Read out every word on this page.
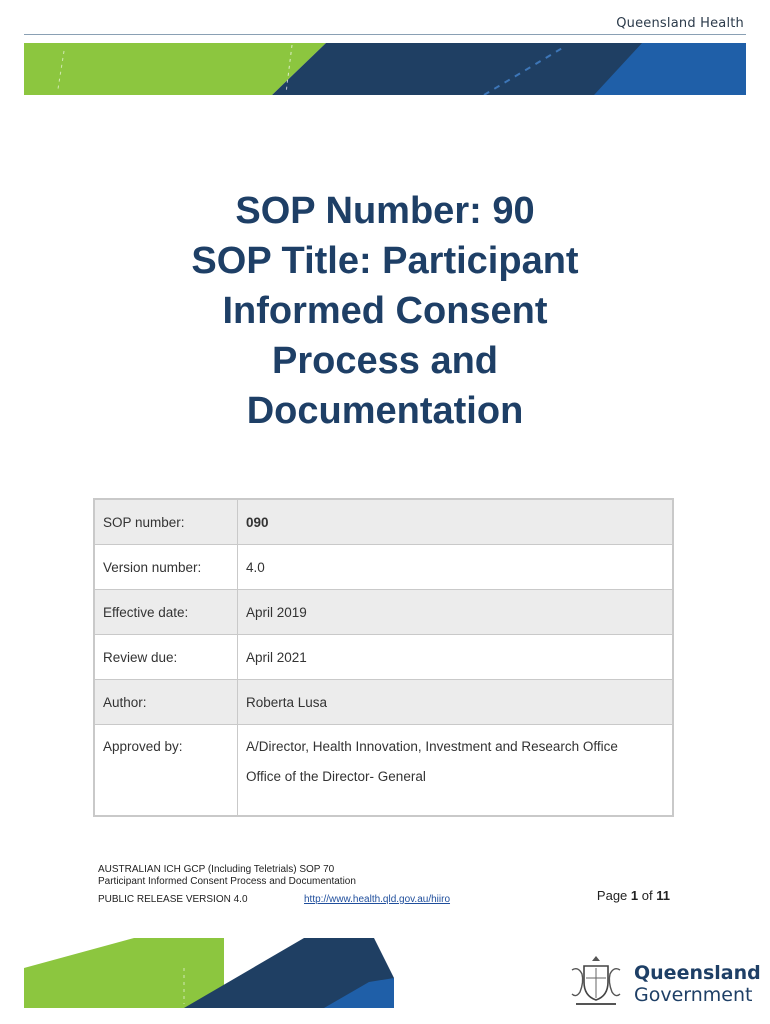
Queensland Health
SOP Number: 90
SOP Title: Participant
Informed Consent
Process and
Documentation
SOP number:	090
Version number:	4.0
Effective date:	April 2019
Review due:	April 2021
Author:	Roberta Lusa
Approved by:	A/Director, Health Innovation, Investment and Research Office
Office of the Director- General
AUSTRALIAN ICH GCP (Including Teletrials) SOP 70
Participant Informed Consent Process and Documentation
PUBLIC RELEASE VERSION 4.0	http://www.health.qld.gov.au/hiiro	Page 1 of 11
Queensland
Government
